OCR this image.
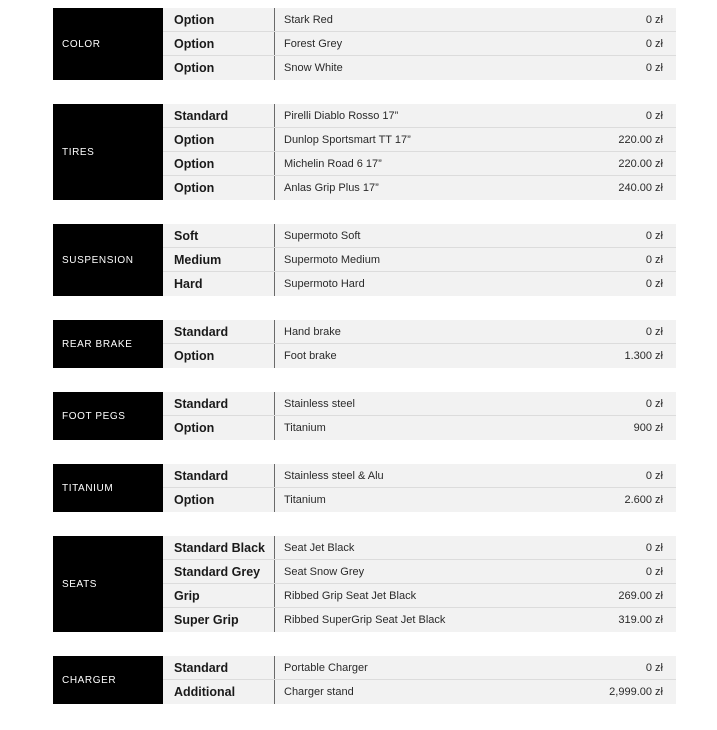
COLOR
Option	Stark Red	0 zł
Option	Forest Grey	0 zł
Option	Snow White	0 zł
TIRES
Standard	Pirelli Diablo Rosso 17”	0 zł
Option	Dunlop Sportsmart TT 17”	220.00 zł
Option	Michelin Road 6 17”	220.00 zł
Option	Anlas Grip Plus 17”	240.00 zł
SUSPENSION
Soft	Supermoto Soft	0 zł
Medium	Supermoto Medium	0 zł
Hard	Supermoto Hard	0 zł
REAR BRAKE
Standard	Hand brake	0 zł
Option	Foot brake	1.300 zł
FOOT PEGS
Standard	Stainless steel	0 zł
Option	Titanium	900 zł
TITANIUM
Standard	Stainless steel & Alu	0 zł
Option	Titanium	2.600 zł
SEATS
Standard Black	Seat Jet Black	0 zł
Standard Grey	Seat Snow Grey	0 zł
Grip	Ribbed Grip Seat Jet Black	269.00 zł
Super Grip	Ribbed SuperGrip Seat Jet Black	319.00 zł
CHARGER
Standard	Portable Charger	0 zł
Additional	Charger stand	2,999.00 zł
